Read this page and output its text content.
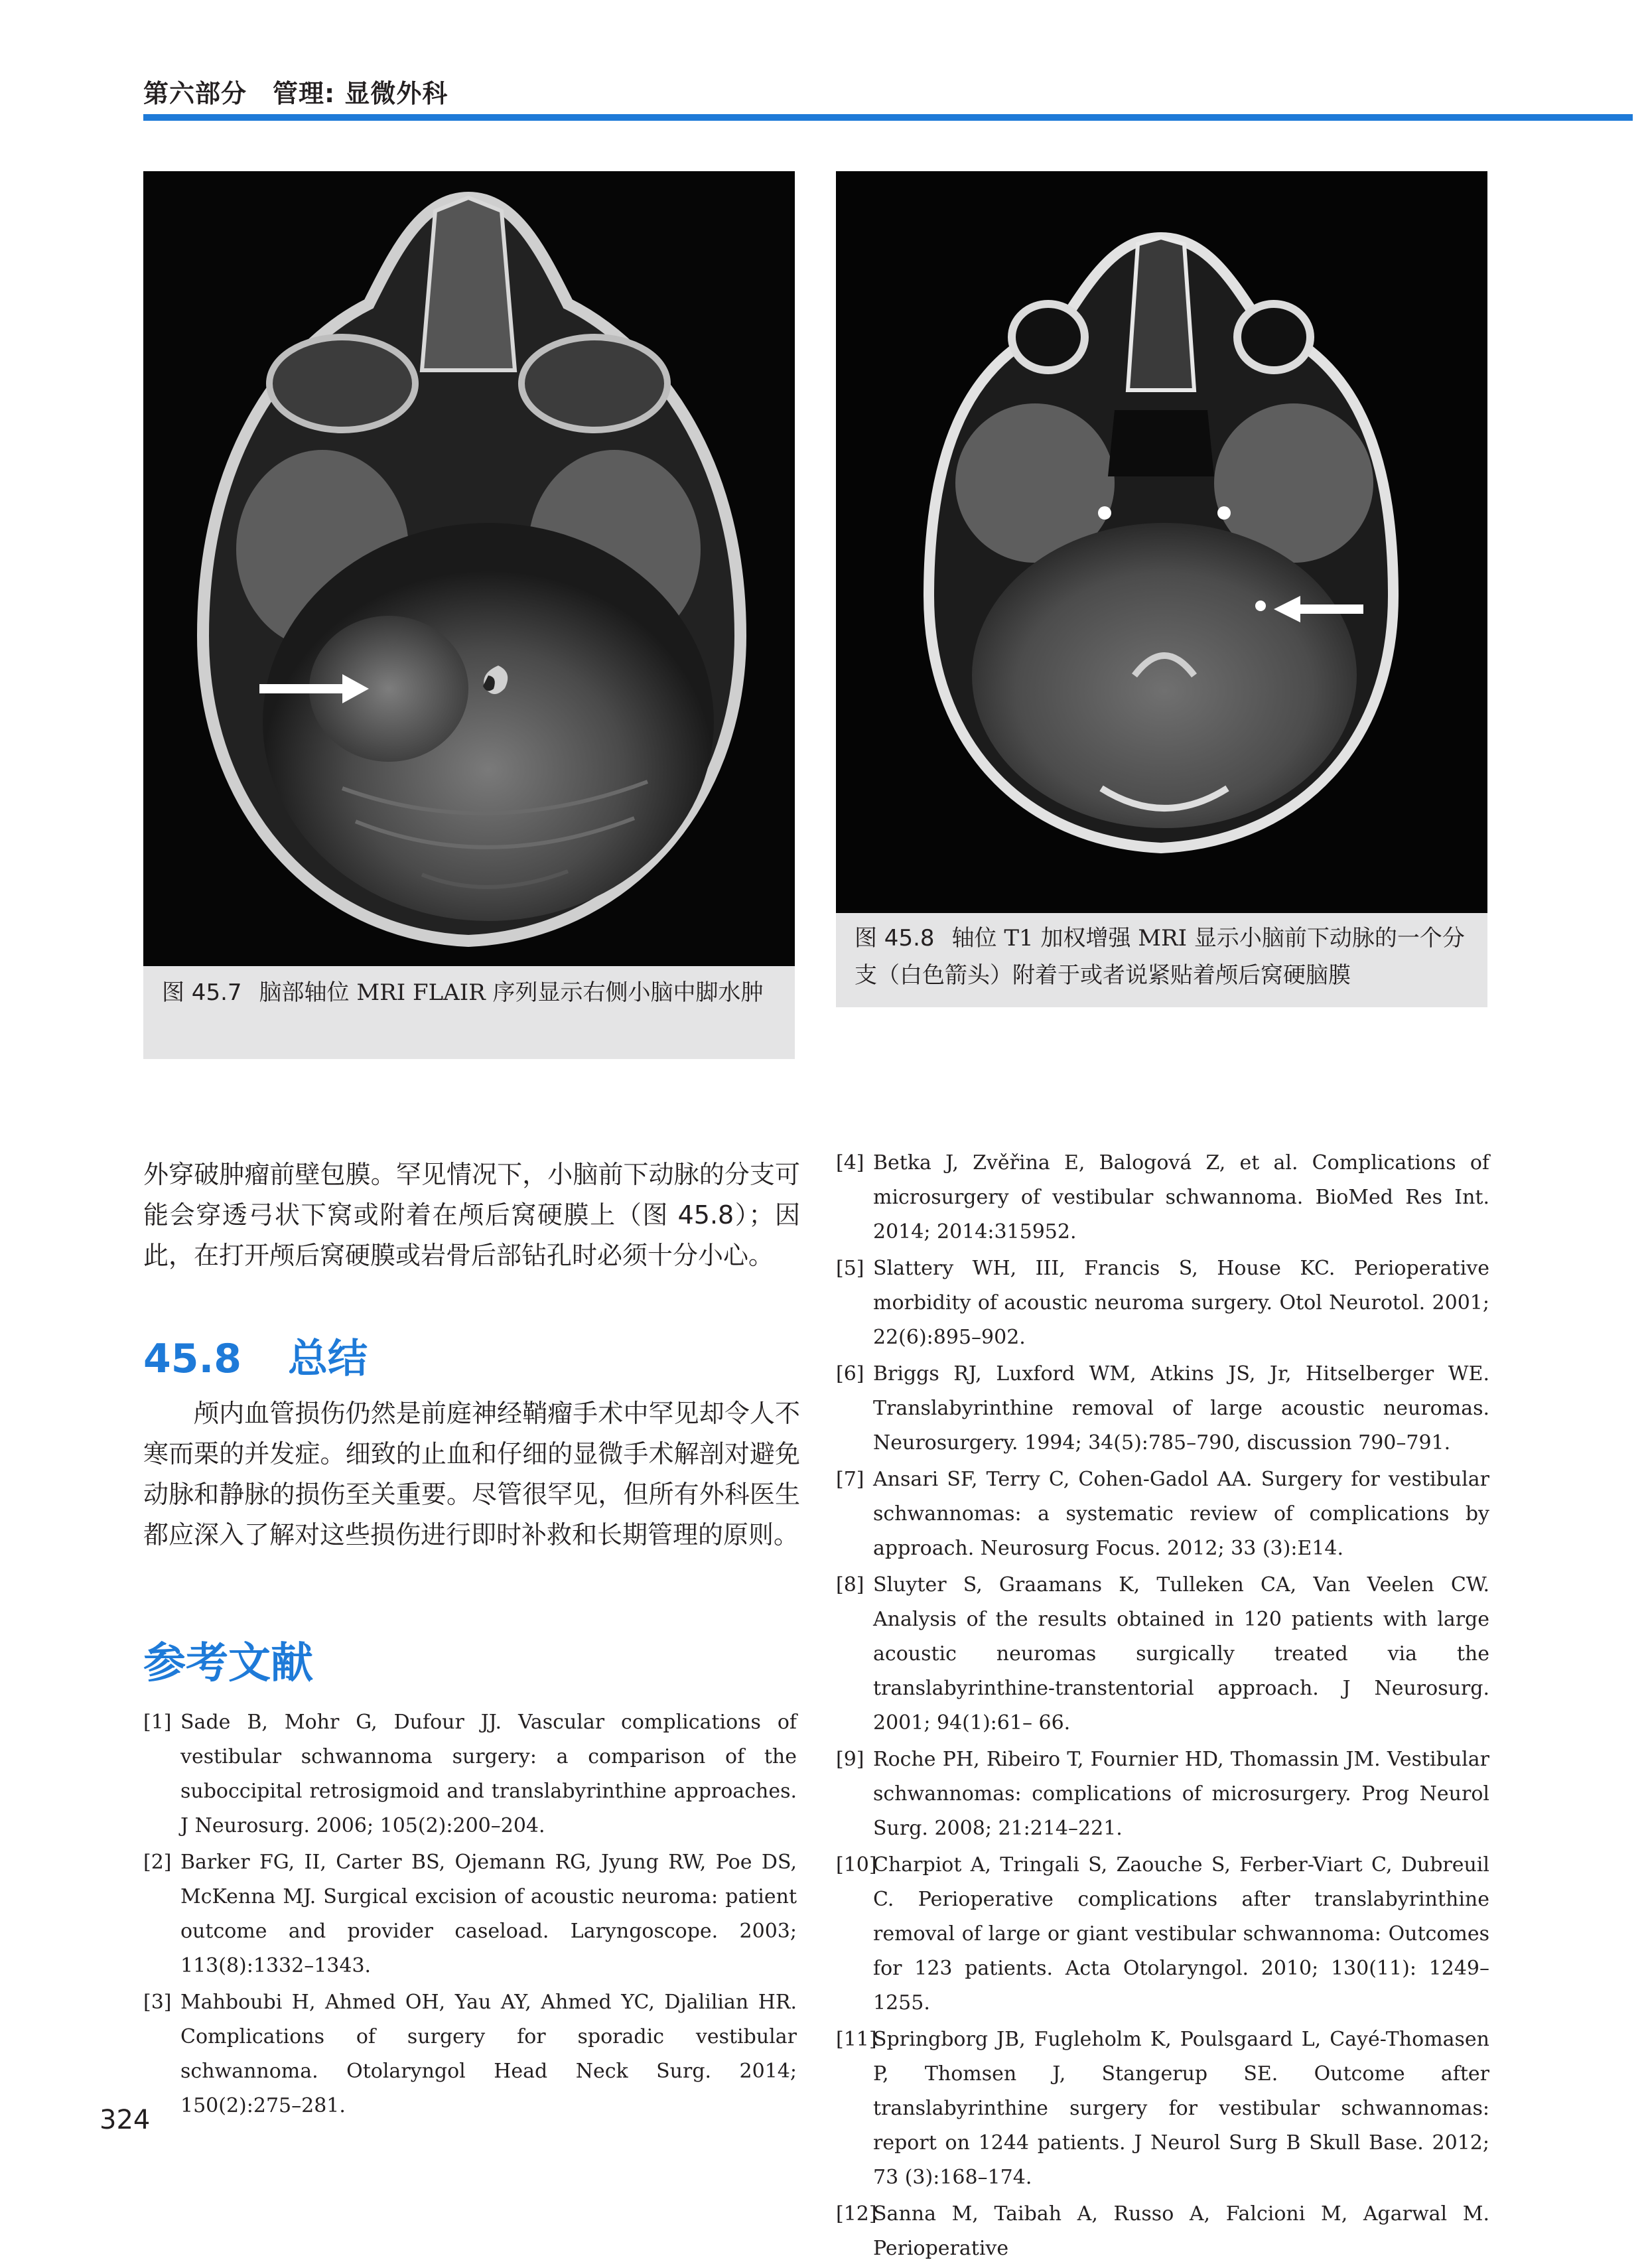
第六部分　管理: 显微外科
图 45.7 脑部轴位 MRI FLAIR 序列显示右侧小脑中脚水肿
图 45.8 轴位 T1 加权增强 MRI 显示小脑前下动脉的一个分支（白色箭头）附着于或者说紧贴着颅后窝硬脑膜

外穿破肿瘤前壁包膜。罕见情况下，小脑前下动脉的分支可能会穿透弓状下窝或附着在颅后窝硬膜上（图 45.8）；因此，在打开颅后窝硬膜或岩骨后部钻孔时必须十分小心。

45.8 总结

颅内血管损伤仍然是前庭神经鞘瘤手术中罕见却令人不寒而栗的并发症。细致的止血和仔细的显微手术解剖对避免动脉和静脉的损伤至关重要。尽管很罕见，但所有外科医生都应深入了解对这些损伤进行即时补救和长期管理的原则。

参考文献
[1] Sade B, Mohr G, Dufour JJ. Vascular complications of vestibular schwannoma surgery: a comparison of the suboccipital retrosigmoid and translabyrinthine approaches. J Neurosurg. 2006; 105(2):200–204.
[2] Barker FG, II, Carter BS, Ojemann RG, Jyung RW, Poe DS, McKenna MJ. Surgical excision of acoustic neuroma: patient outcome and provider caseload. Laryngoscope. 2003; 113(8):1332–1343.
[3] Mahboubi H, Ahmed OH, Yau AY, Ahmed YC, Djalilian HR. Complications of surgery for sporadic vestibular schwannoma. Otolaryngol Head Neck Surg. 2014; 150(2):275–281.
[4] Betka J, Zvěřina E, Balogová Z, et al. Complications of microsurgery of vestibular schwannoma. BioMed Res Int. 2014; 2014:315952.
[5] Slattery WH, III, Francis S, House KC. Perioperative morbidity of acoustic neuroma surgery. Otol Neurotol. 2001; 22(6):895–902.
[6] Briggs RJ, Luxford WM, Atkins JS, Jr, Hitselberger WE. Translabyrinthine removal of large acoustic neuromas. Neurosurgery. 1994; 34(5):785–790, discussion 790–791.
[7] Ansari SF, Terry C, Cohen-Gadol AA. Surgery for vestibular schwannomas: a systematic review of complications by approach. Neurosurg Focus. 2012; 33 (3):E14.
[8] Sluyter S, Graamans K, Tulleken CA, Van Veelen CW. Analysis of the results obtained in 120 patients with large acoustic neuromas surgically treated via the translabyrinthine-transtentorial approach. J Neurosurg. 2001; 94(1):61– 66.
[9] Roche PH, Ribeiro T, Fournier HD, Thomassin JM. Vestibular schwannomas: complications of microsurgery. Prog Neurol Surg. 2008; 21:214–221.
[10]
Charpiot A, Tringali S, Zaouche S, Ferber-Viart C, Dubreuil C. Perioperative complications after translabyrinthine removal of large or giant vestibular schwannoma: Outcomes for 123 patients. Acta Otolaryngol. 2010; 130(11): 1249–1255.
[11]
Springborg JB, Fugleholm K, Poulsgaard L, Cayé-Thomasen P, Thomsen J, Stangerup SE. Outcome after translabyrinthine surgery for vestibular schwannomas: report on 1244 patients. J Neurol Surg B Skull Base. 2012; 73 (3):168–174.
[12]
Sanna M, Taibah A, Russo A, Falcioni M, Agarwal M. Perioperative
324
